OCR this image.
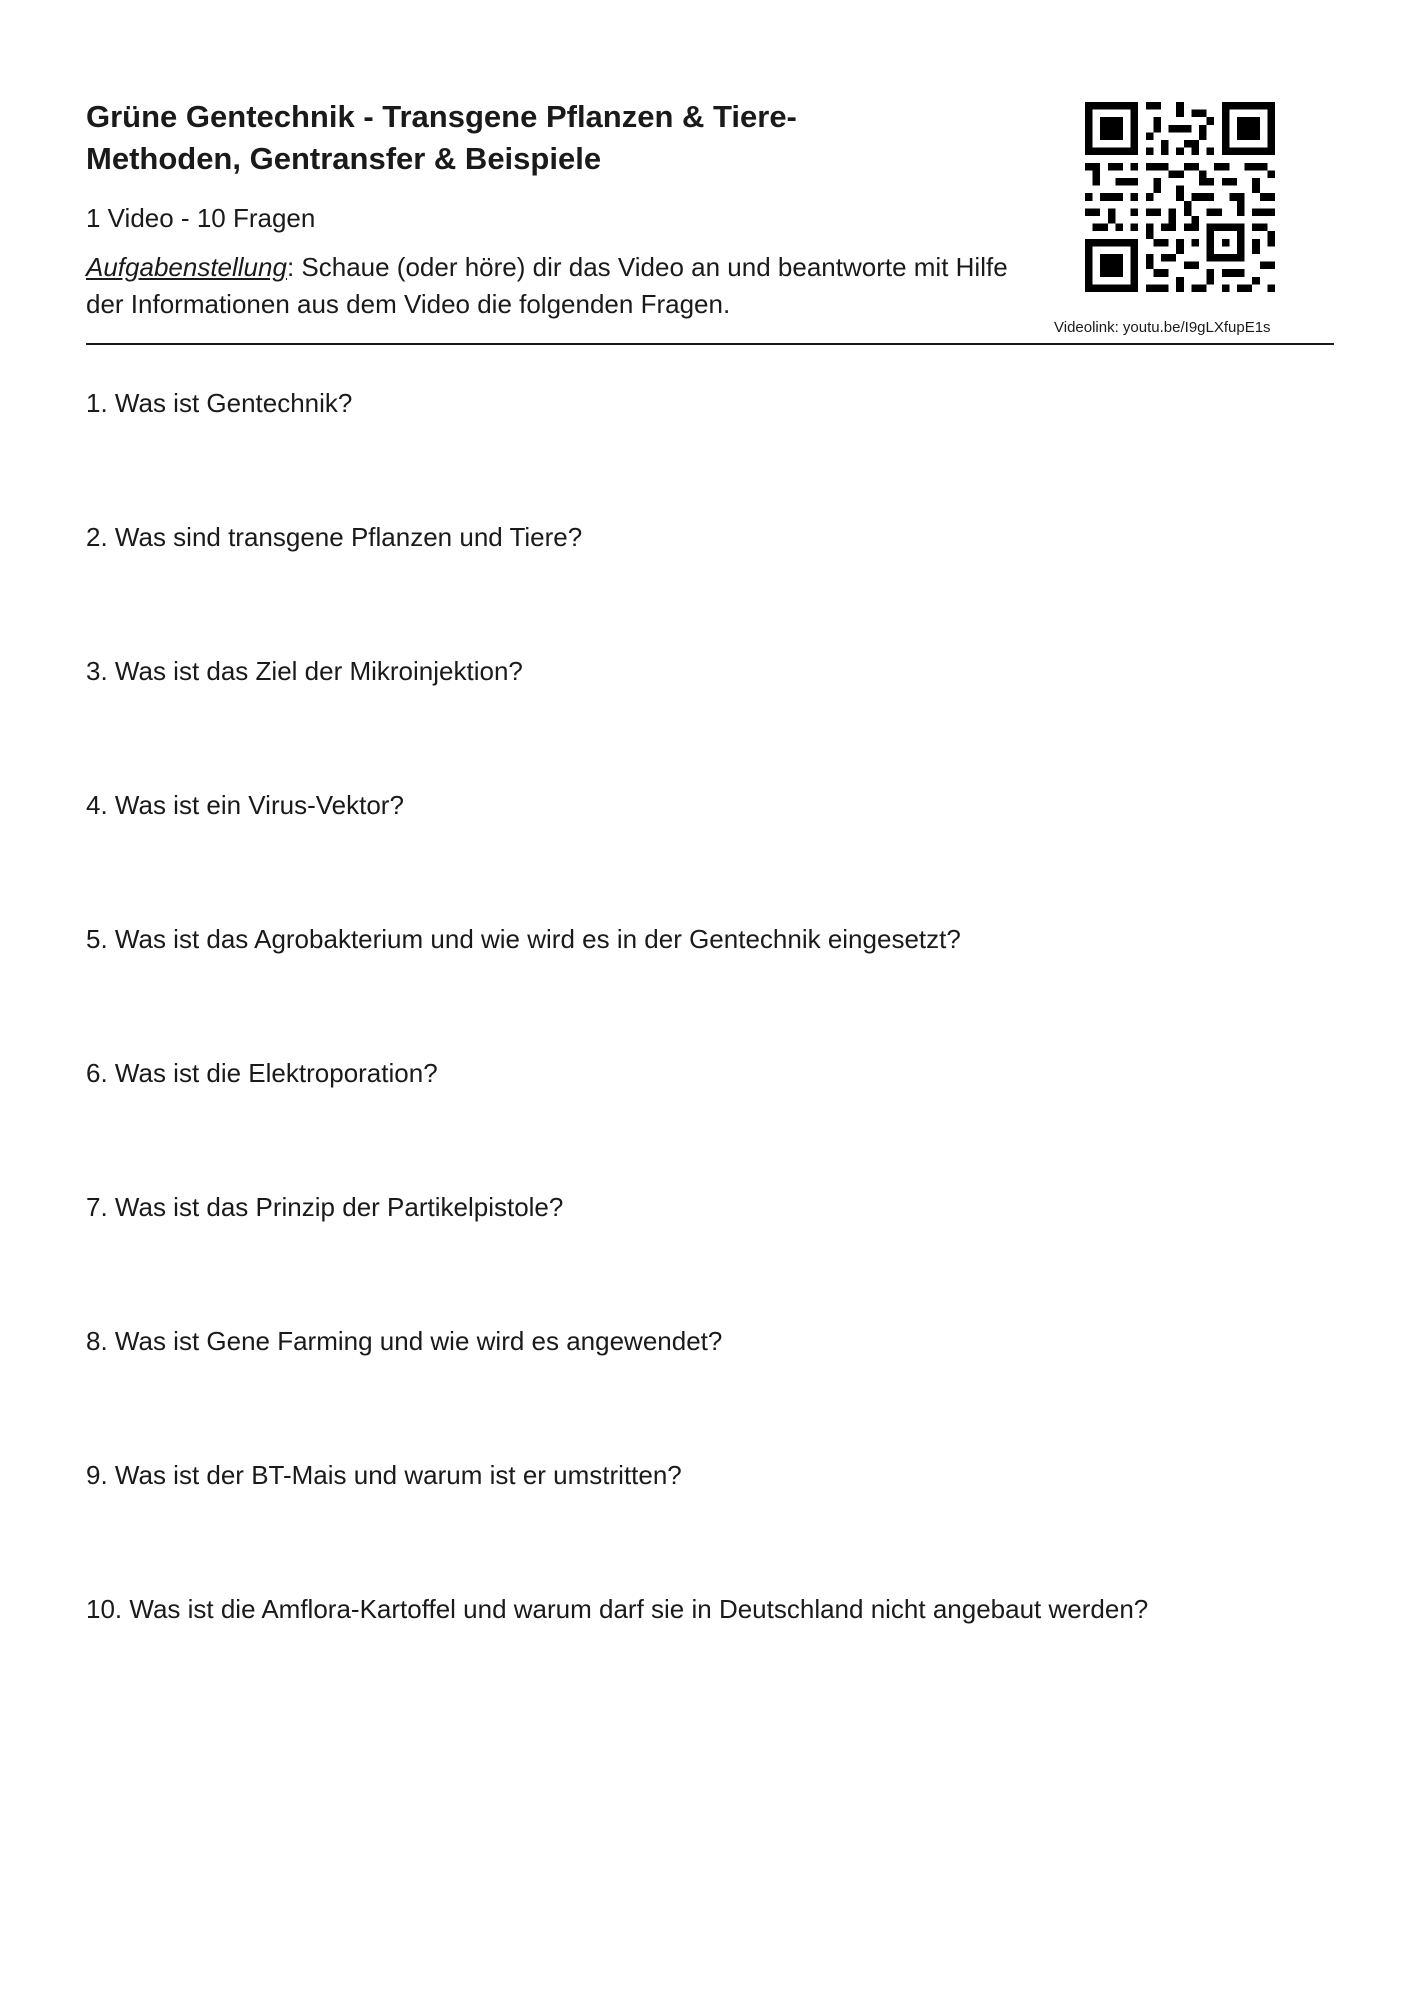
Grüne Gentechnik - Transgene Pflanzen & Tiere-
Methoden, Gentransfer & Beispiele
1 Video - 10 Fragen
Aufgabenstellung: Schaue (oder höre) dir das Video an und beantworte mit Hilfe der Informationen aus dem Video die folgenden Fragen.
Videolink: youtu.be/I9gLXfupE1s
1. Was ist Gentechnik?
2. Was sind transgene Pflanzen und Tiere?
3. Was ist das Ziel der Mikroinjektion?
4. Was ist ein Virus-Vektor?
5. Was ist das Agrobakterium und wie wird es in der Gentechnik eingesetzt?
6. Was ist die Elektroporation?
7. Was ist das Prinzip der Partikelpistole?
8. Was ist Gene Farming und wie wird es angewendet?
9. Was ist der BT-Mais und warum ist er umstritten?
10. Was ist die Amflora-Kartoffel und warum darf sie in Deutschland nicht angebaut werden?
